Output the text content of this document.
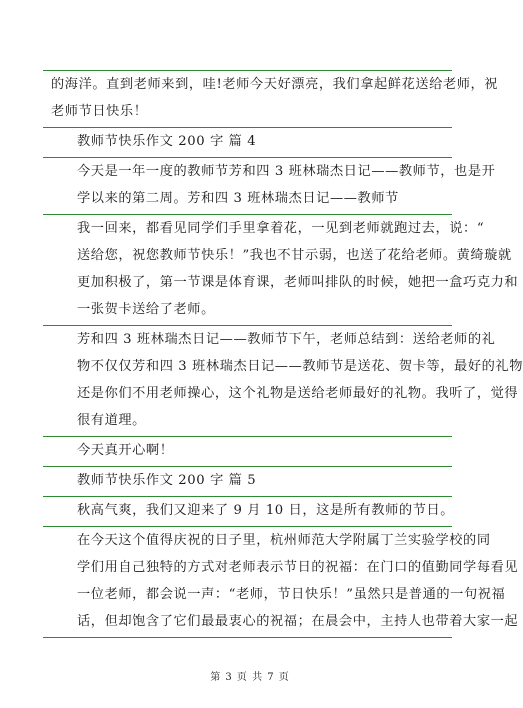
的海洋。直到老师来到，哇!老师今天好漂亮，我们拿起鲜花送给老师，祝
老师节日快乐！
教师节快乐作文 200 字 篇 4
今天是一年一度的教师节芳和四 3 班林瑞杰日记——教师节，也是开
学以来的第二周。芳和四 3 班林瑞杰日记——教师节
我一回来，都看见同学们手里拿着花，一见到老师就跑过去，说：“
送给您，祝您教师节快乐！”我也不甘示弱，也送了花给老师。黄绮璇就
更加积极了，第一节课是体育课，老师叫排队的时候，她把一盒巧克力和
一张贺卡送给了老师。
芳和四 3 班林瑞杰日记——教师节下午，老师总结到：送给老师的礼
物不仅仅芳和四 3 班林瑞杰日记——教师节是送花、贺卡等，最好的礼物
还是你们不用老师操心，这个礼物是送给老师最好的礼物。我听了，觉得
很有道理。
今天真开心啊！
教师节快乐作文 200 字 篇 5
秋高气爽，我们又迎来了 9 月 10 日，这是所有教师的节日。
在今天这个值得庆祝的日子里，杭州师范大学附属丁兰实验学校的同
学们用自己独特的方式对老师表示节日的祝福：在门口的值勤同学每看见
一位老师，都会说一声：“老师，节日快乐！”虽然只是普通的一句祝福
话，但却饱含了它们最最衷心的祝福；在晨会中，主持人也带着大家一起
第 3 页 共 7 页
